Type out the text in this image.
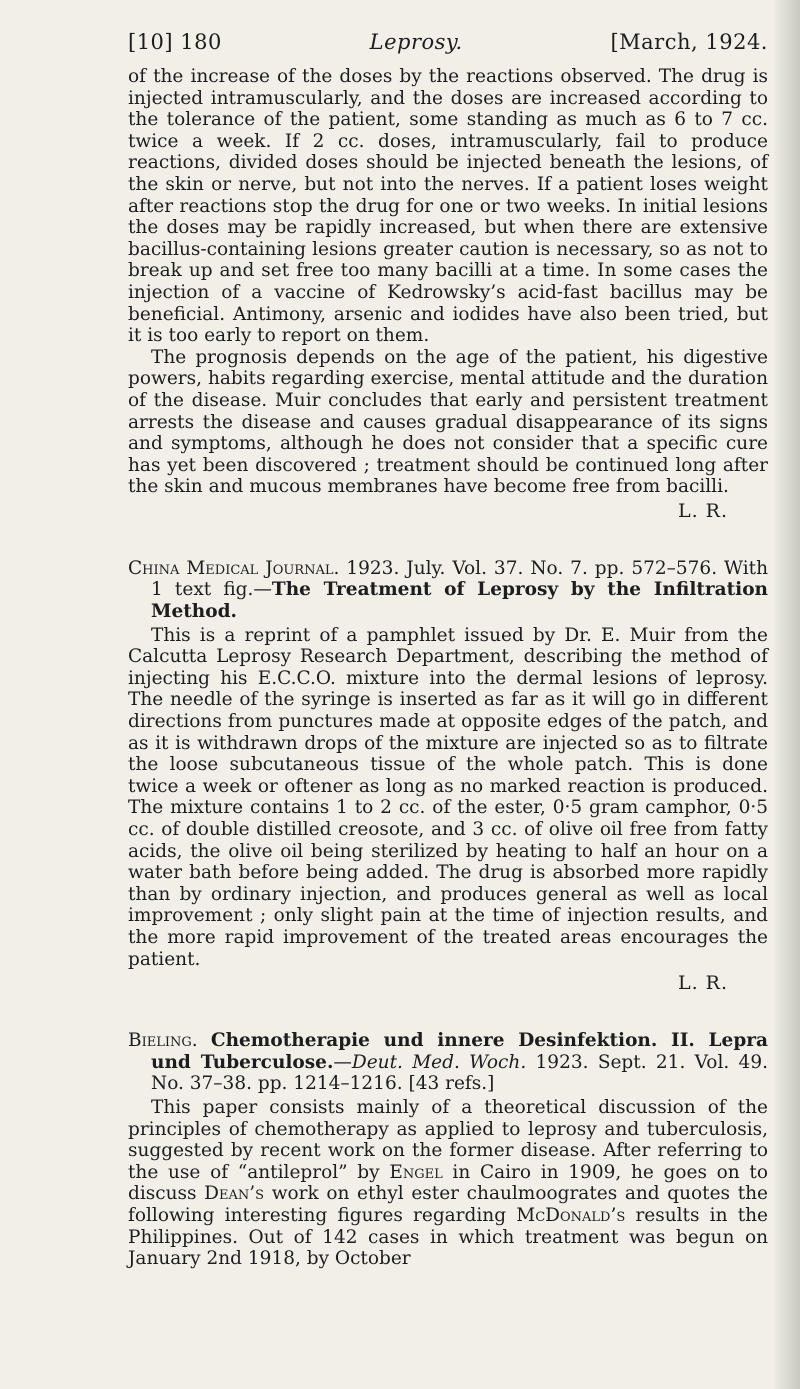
[10] 180	Leprosy.	[March, 1924.

of the increase of the doses by the reactions observed. The drug is injected intramuscularly, and the doses are increased according to the tolerance of the patient, some standing as much as 6 to 7 cc. twice a week. If 2 cc. doses, intramuscularly, fail to produce reactions, divided doses should be injected beneath the lesions, of the skin or nerve, but not into the nerves. If a patient loses weight after reactions stop the drug for one or two weeks. In initial lesions the doses may be rapidly increased, but when there are extensive bacillus-containing lesions greater caution is necessary, so as not to break up and set free too many bacilli at a time. In some cases the injection of a vaccine of Kedrowsky’s acid-fast bacillus may be beneficial. Antimony, arsenic and iodides have also been tried, but it is too early to report on them.

The prognosis depends on the age of the patient, his digestive powers, habits regarding exercise, mental attitude and the duration of the disease. Muir concludes that early and persistent treatment arrests the disease and causes gradual disappearance of its signs and symptoms, although he does not consider that a specific cure has yet been discovered ; treatment should be continued long after the skin and mucous membranes have become free from bacilli.

L. R.

China Medical Journal. 1923. July. Vol. 37. No. 7. pp. 572–576. With 1 text fig.—The Treatment of Leprosy by the Infiltration Method.

This is a reprint of a pamphlet issued by Dr. E. Muir from the Calcutta Leprosy Research Department, describing the method of injecting his E.C.C.O. mixture into the dermal lesions of leprosy. The needle of the syringe is inserted as far as it will go in different directions from punctures made at opposite edges of the patch, and as it is withdrawn drops of the mixture are injected so as to filtrate the loose subcutaneous tissue of the whole patch. This is done twice a week or oftener as long as no marked reaction is produced. The mixture contains 1 to 2 cc. of the ester, 0·5 gram camphor, 0·5 cc. of double distilled creosote, and 3 cc. of olive oil free from fatty acids, the olive oil being sterilized by heating to half an hour on a water bath before being added. The drug is absorbed more rapidly than by ordinary injection, and produces general as well as local improvement ; only slight pain at the time of injection results, and the more rapid improvement of the treated areas encourages the patient.

L. R.

Bieling. Chemotherapie und innere Desinfektion. II. Lepra und Tuberculose.—Deut. Med. Woch. 1923. Sept. 21. Vol. 49. No. 37–38. pp. 1214–1216. [43 refs.]

This paper consists mainly of a theoretical discussion of the principles of chemotherapy as applied to leprosy and tuberculosis, suggested by recent work on the former disease. After referring to the use of “antileprol” by Engel in Cairo in 1909, he goes on to discuss Dean’s work on ethyl ester chaulmoogrates and quotes the following interesting figures regarding McDonald’s results in the Philippines. Out of 142 cases in which treatment was begun on January 2nd 1918, by October
